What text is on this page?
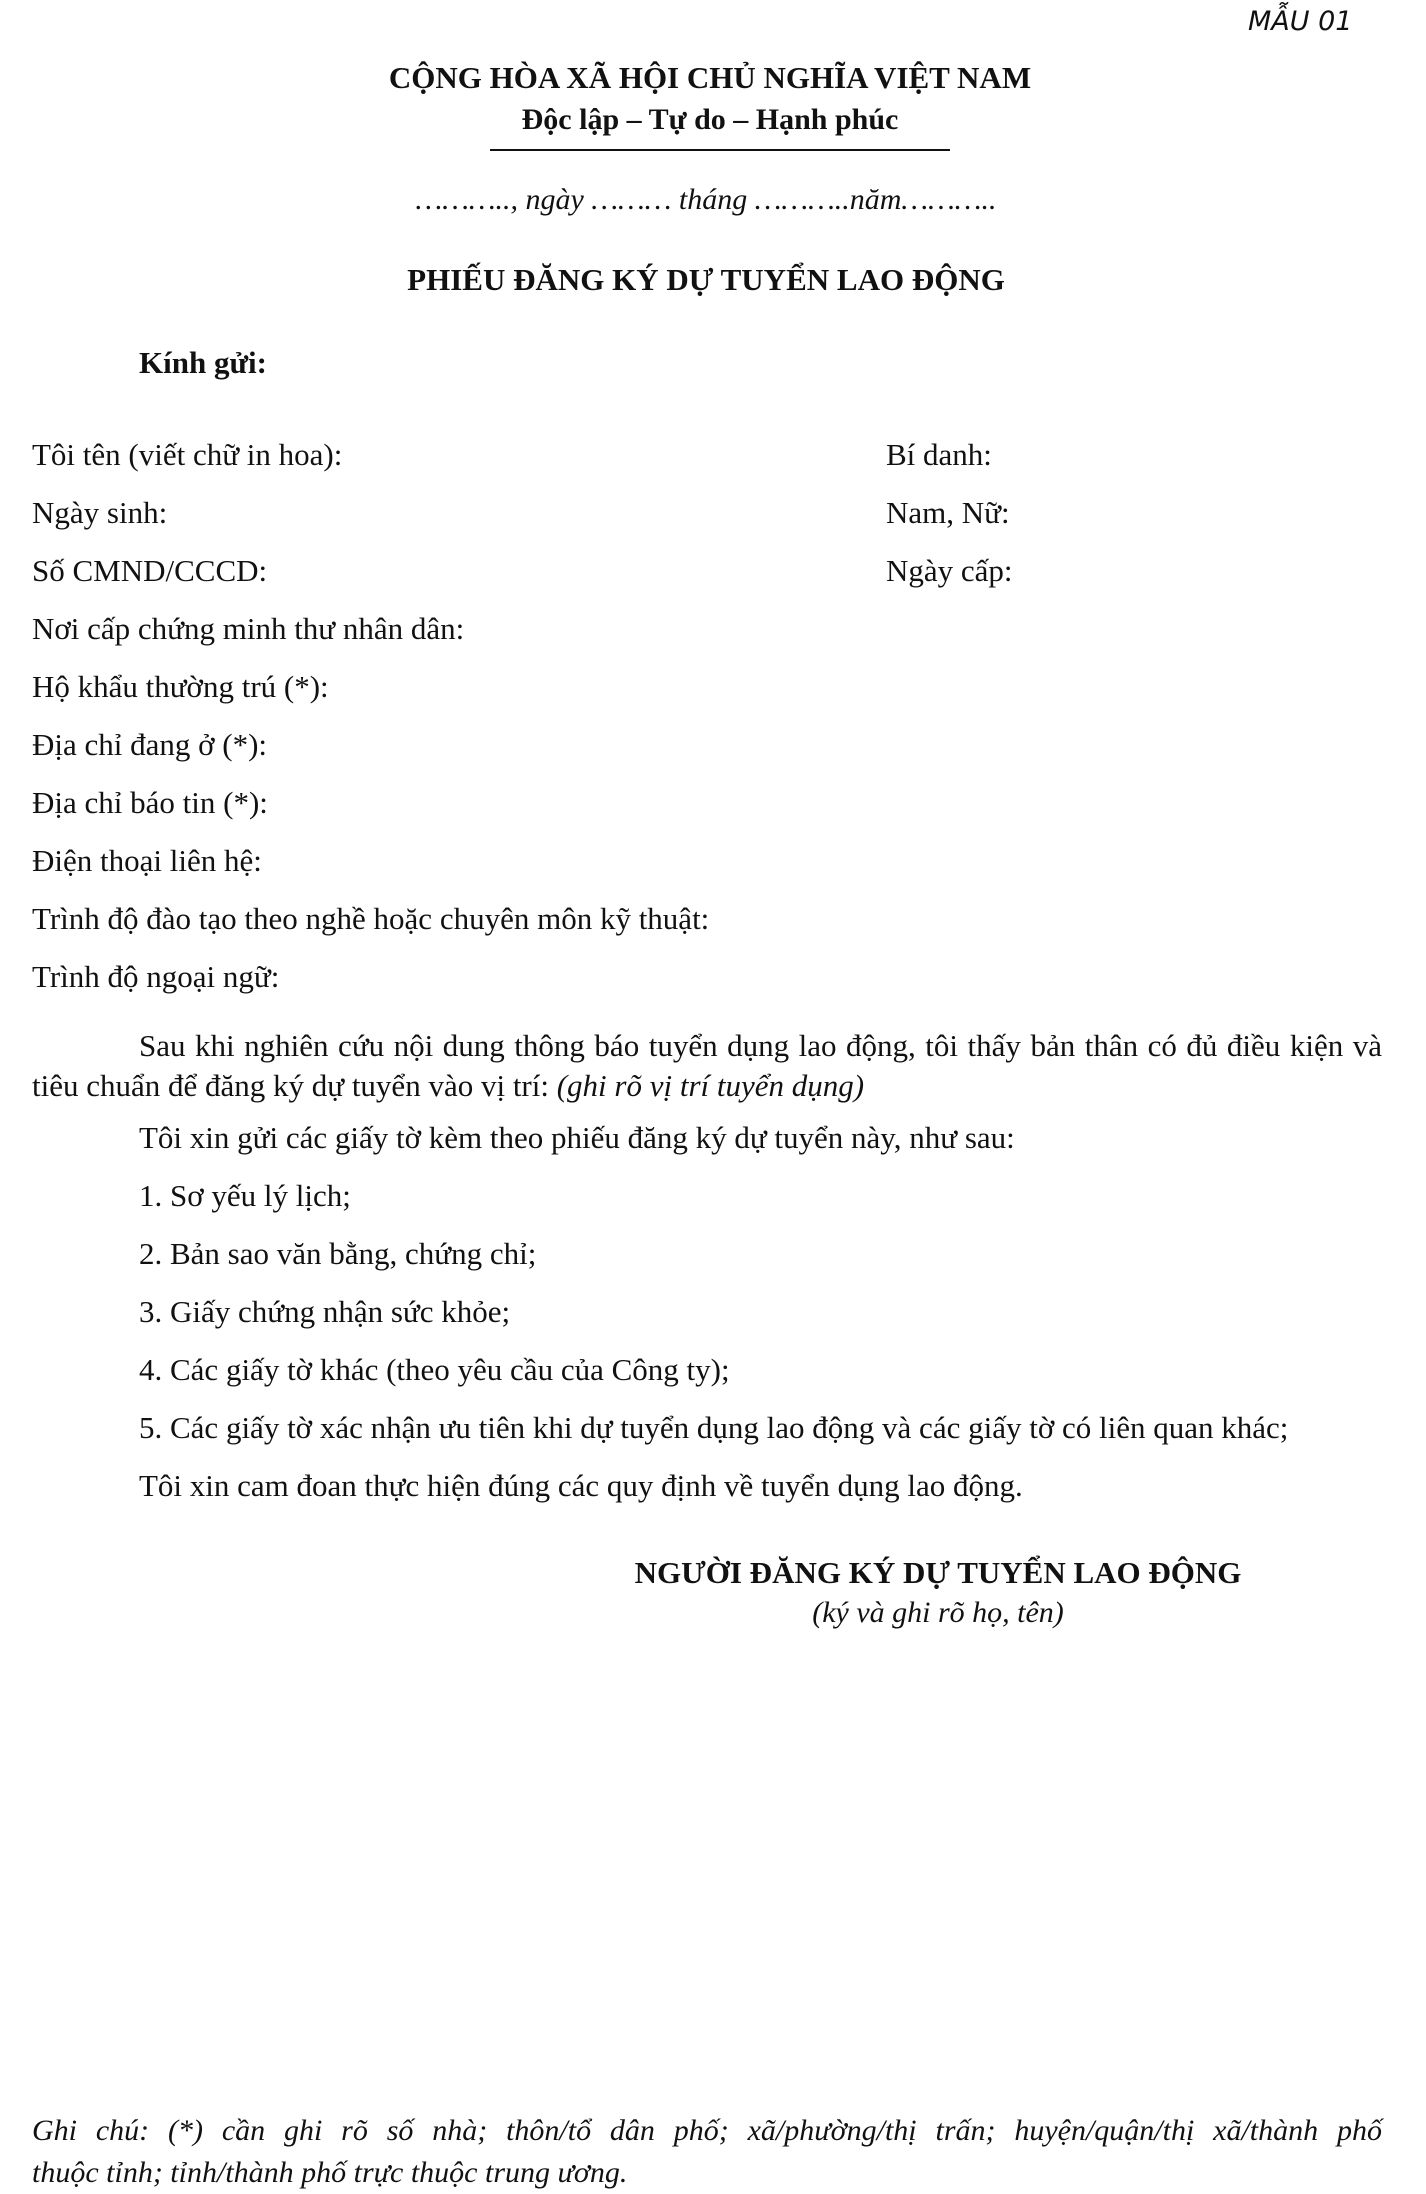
MẪU 01
CỘNG HÒA XÃ HỘI CHỦ NGHĨA VIỆT NAM
Độc lập – Tự do – Hạnh phúc
……….., ngày ……… tháng ………..năm………..
PHIẾU ĐĂNG KÝ DỰ TUYỂN LAO ĐỘNG
Kính gửi:
Tôi tên (viết chữ in hoa):	Bí danh:
Ngày sinh:	Nam, Nữ:
Số CMND/CCCD:	Ngày cấp:
Nơi cấp chứng minh thư nhân dân:
Hộ khẩu thường trú (*):
Địa chỉ đang ở (*):
Địa chỉ báo tin (*):
Điện thoại liên hệ:
Trình độ đào tạo theo nghề hoặc chuyên môn kỹ thuật:
Trình độ ngoại ngữ:
Sau khi nghiên cứu nội dung thông báo tuyển dụng lao động, tôi thấy bản thân có đủ điều kiện và tiêu chuẩn để đăng ký dự tuyển vào vị trí: (ghi rõ vị trí tuyển dụng)
Tôi xin gửi các giấy tờ kèm theo phiếu đăng ký dự tuyển này, như sau:
1. Sơ yếu lý lịch;
2. Bản sao văn bằng, chứng chỉ;
3. Giấy chứng nhận sức khỏe;
4. Các giấy tờ khác (theo yêu cầu của Công ty);
5. Các giấy tờ xác nhận ưu tiên khi dự tuyển dụng lao động và các giấy tờ có liên quan khác;
Tôi xin cam đoan thực hiện đúng các quy định về tuyển dụng lao động.
NGƯỜI ĐĂNG KÝ DỰ TUYỂN LAO ĐỘNG
(ký và ghi rõ họ, tên)
Ghi chú: (*) cần ghi rõ số nhà; thôn/tổ dân phố; xã/phường/thị trấn; huyện/quận/thị xã/thành phố
thuộc tỉnh; tỉnh/thành phố trực thuộc trung ương.
